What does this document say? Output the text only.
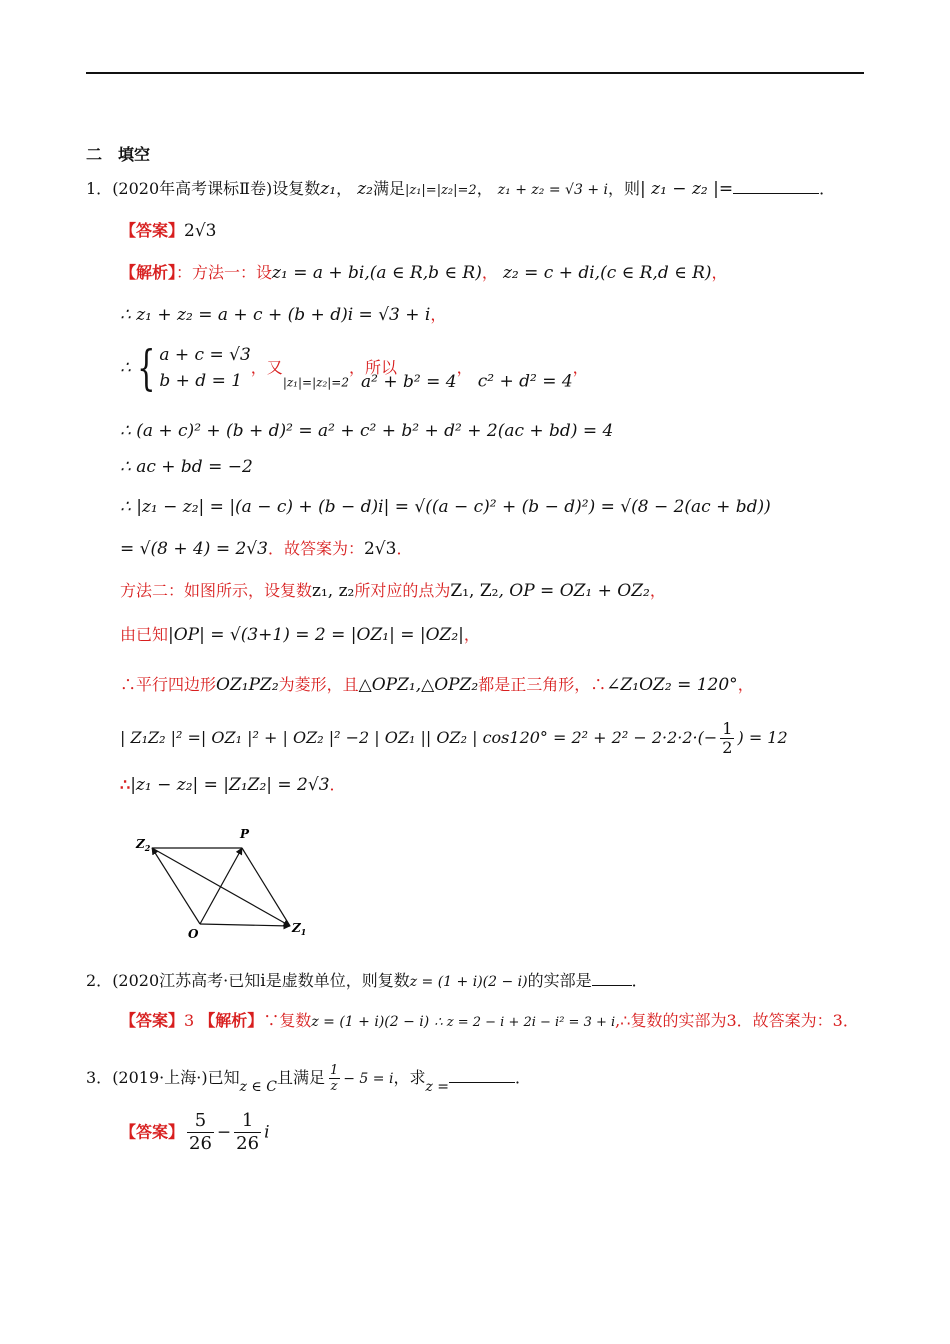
二　填空
1．(2020年高考课标Ⅱ卷)设复数z₁， z₂满足|z₁|=|z₂|=2， z₁ + z₂ = √3 + i，则| z₁ − z₂ |=	．
【答案】2√3
【解析】：方法一：设z₁ = a + bi,(a ∈ R,b ∈ R)， z₂ = c + di,(c ∈ R,d ∈ R)，
∴ z₁ + z₂ = a + c + (b + d)i = √3 + i，
∴ { a + c = √3
b + d = 1
，又$_{|z_1|=|z_2|=2}$，所以a² + b² = 4， c² + d² = 4，
∴ (a + c)² + (b + d)² = a² + c² + b² + d² + 2(ac + bd) = 4
∴ ac + bd = −2
∴ |z₁ − z₂| = |(a − c) + (b − d)i| = √((a − c)² + (b − d)²) = √(8 − 2(ac + bd))
= √(8 + 4) = 2√3．故答案为：2√3．
方法二：如图所示，设复数z₁, z₂所对应的点为Z₁, Z₂, OP = OZ₁ + OZ₂，
由已知|OP| = √(3+1) = 2 = |OZ₁| = |OZ₂|，
∴平行四边形OZ₁PZ₂为菱形，且△OPZ₁,△OPZ₂都是正三角形，∴∠Z₁OZ₂ = 120°，
| Z₁Z₂ |² =| OZ₁ |² + | OZ₂ |² −2 | OZ₁ || OZ₂ | $\cos 120^\circ = 2^2 + 2^2 - 2\cdot 2\cdot 2\cdot(- \frac{1}{2}$ ) = 12
∴|z₁ − z₂| = |Z₁Z₂| = 2√3．
$Z_2$
P
O	$Z_1$
2．(2020江苏高考·已知i是虚数单位，则复数z = (1 + i)(2 − i)的实部是	．
【答案】3 【解析】∵复数z = (1 + i)(2 − i) ∴ z = 2 − i + 2i − i² = 3 + i,∴复数的实部为3．故答案为：3．
3．(2019·上海·)已知z ∈ C且满足 $\frac{1}{z} - 5 = i$，求z =	．
【答案】 $\frac{5}{26} - \frac{1}{26}$ i
